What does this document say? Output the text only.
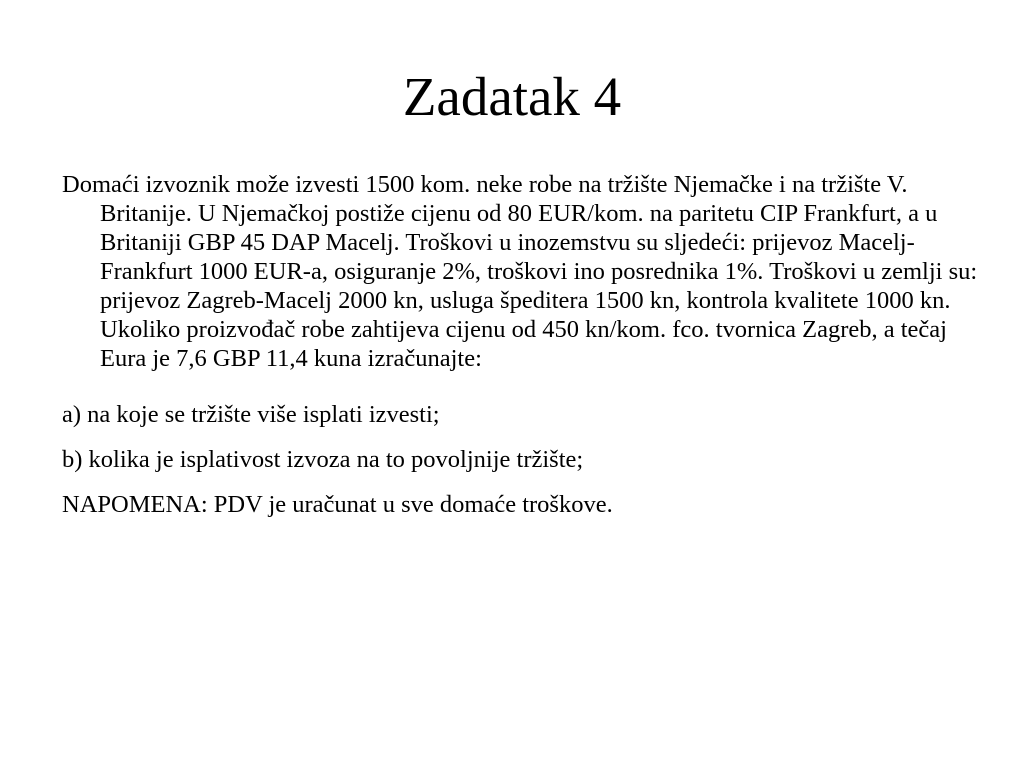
Zadatak 4

Domaći izvoznik može izvesti 1500 kom. neke robe na tržište Njemačke i na tržište V. Britanije. U Njemačkoj postiže cijenu od 80 EUR/kom. na paritetu CIP Frankfurt, a u Britaniji GBP 45 DAP Macelj. Troškovi u inozemstvu su sljedeći: prijevoz Macelj-Frankfurt 1000 EUR-a, osiguranje 2%, troškovi ino posrednika 1%. Troškovi u zemlji su: prijevoz Zagreb-Macelj 2000 kn, usluga špeditera 1500 kn, kontrola kvalitete 1000 kn. Ukoliko proizvođač robe zahtijeva cijenu od 450 kn/kom. fco. tvornica Zagreb, a tečaj Eura je 7,6 GBP 11,4 kuna izračunajte:

a) na koje se tržište više isplati izvesti;

b) kolika je isplativost izvoza na to povoljnije tržište;

NAPOMENA: PDV je uračunat u sve domaće troškove.
